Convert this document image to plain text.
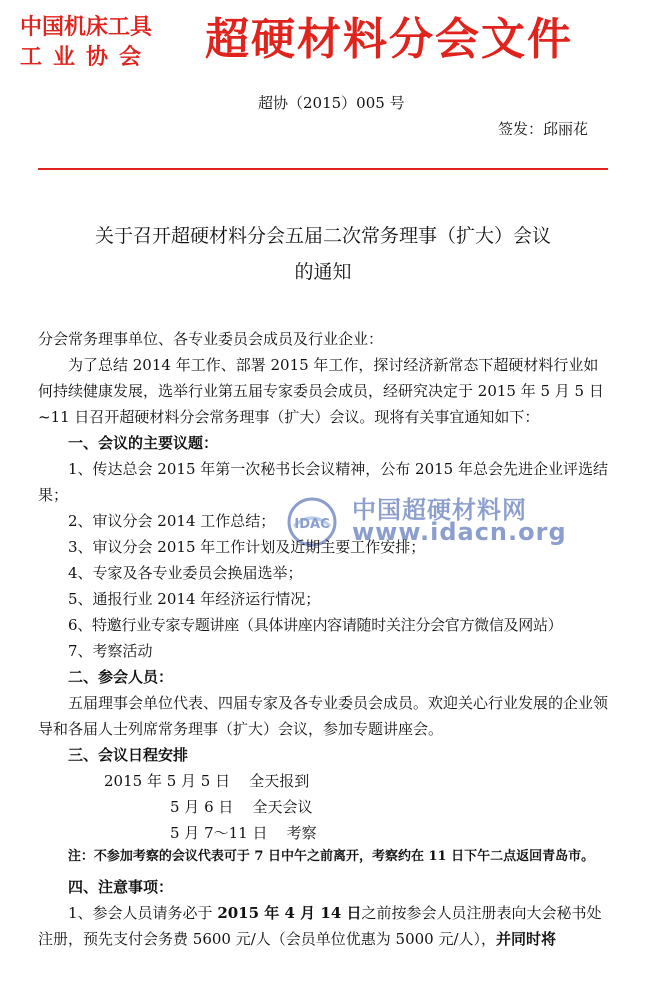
中国机床工具
工业协会 超硬材料分会文件
超协（2015）005 号
签发：邱丽花
关于召开超硬材料分会五届二次常务理事（扩大）会议
的通知
IDAC
中国超硬材料网
www.idacn.org

分会常务理事单位、各专业委员会成员及行业企业：

为了总结 2014 年工作、部署 2015 年工作，探讨经济新常态下超硬材料行业如何持续健康发展，选举行业第五届专家委员会成员，经研究决定于 2015 年 5 月 5 日~11 日召开超硬材料分会常务理事（扩大）会议。现将有关事宜通知如下：

一、会议的主要议题：

1、传达总会 2015 年第一次秘书长会议精神，公布 2015 年总会先进企业评选结果；

2、审议分会 2014 工作总结；

3、审议分会 2015 年工作计划及近期主要工作安排；

4、专家及各专业委员会换届选举；

5、通报行业 2014 年经济运行情况；

6、特邀行业专家专题讲座（具体讲座内容请随时关注分会官方微信及网站）

7、考察活动

二、参会人员：

五届理事会单位代表、四届专家及各专业委员会成员。欢迎关心行业发展的企业领导和各届人士列席常务理事（扩大）会议，参加专题讲座会。

三、会议日程安排

2015 年 5 月 5 日 全天报到

5 月 6 日 全天会议

5 月 7～11 日 考察

注：不参加考察的会议代表可于 7 日中午之前离开，考察约在 11 日下午二点返回青岛市。

四、注意事项：

1、参会人员请务必于 2015 年 4 月 14 日之前按参会人员注册表向大会秘书处注册，预先支付会务费 5600 元/人（会员单位优惠为 5000 元/人），并同时将
